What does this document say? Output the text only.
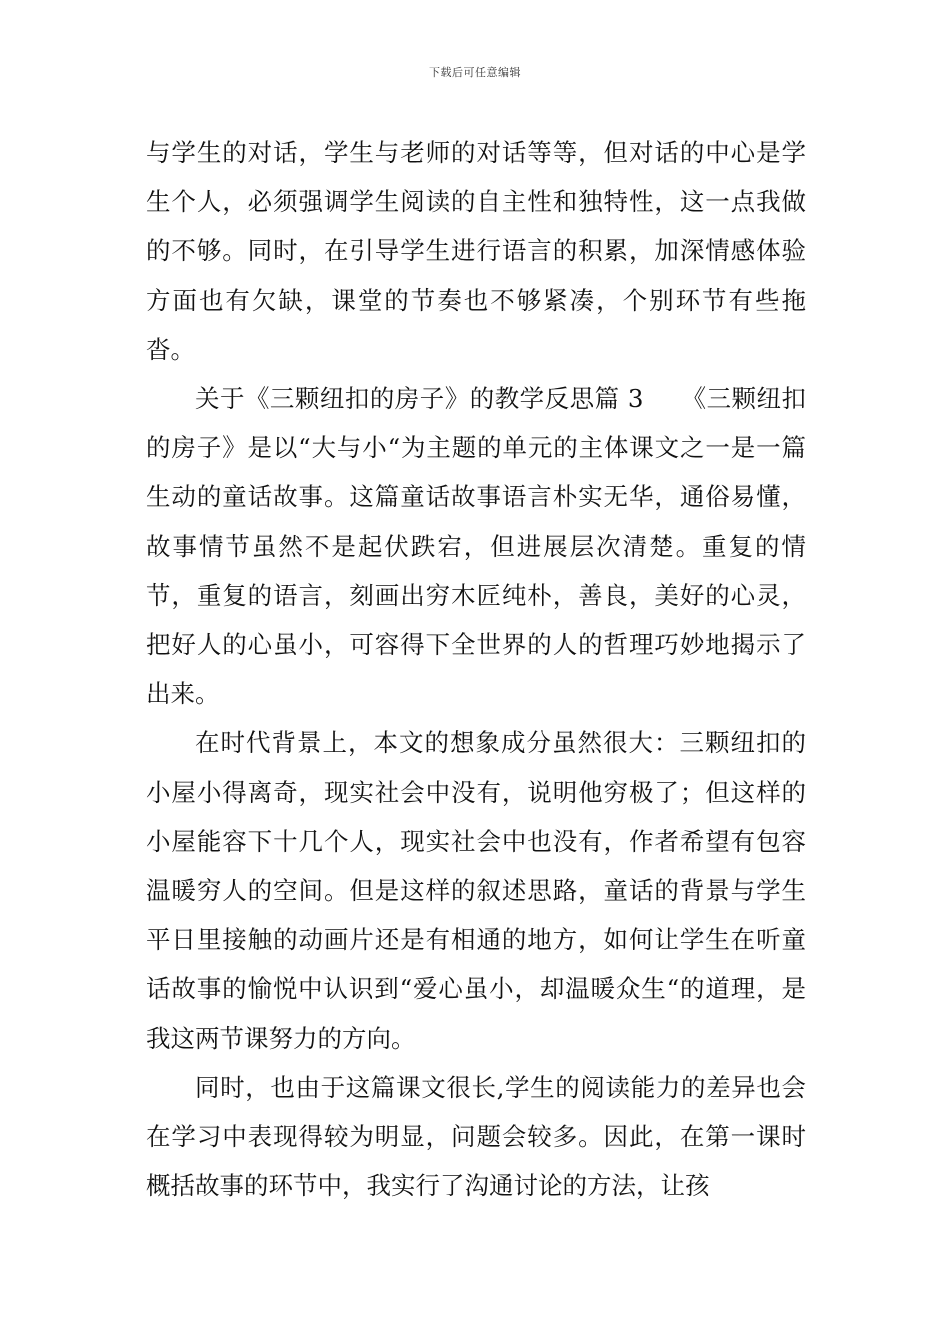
下载后可任意编辑

与学生的对话，学生与老师的对话等等，但对话的中心是学生个人，必须强调学生阅读的自主性和独特性，这一点我做的不够。同时，在引导学生进行语言的积累，加深情感体验方面也有欠缺，课堂的节奏也不够紧凑，个别环节有些拖沓。

关于《三颗纽扣的房子》的教学反思篇 3　　《三颗纽扣的房子》是以“大与小“为主题的单元的主体课文之一是一篇生动的童话故事。这篇童话故事语言朴实无华，通俗易懂，故事情节虽然不是起伏跌宕，但进展层次清楚。重复的情节，重复的语言，刻画出穷木匠纯朴，善良，美好的心灵，把好人的心虽小，可容得下全世界的人的哲理巧妙地揭示了出来。

在时代背景上，本文的想象成分虽然很大：三颗纽扣的小屋小得离奇，现实社会中没有，说明他穷极了；但这样的小屋能容下十几个人，现实社会中也没有，作者希望有包容温暖穷人的空间。但是这样的叙述思路，童话的背景与学生平日里接触的动画片还是有相通的地方，如何让学生在听童话故事的愉悦中认识到“爱心虽小，却温暖众生“的道理，是我这两节课努力的方向。

同时，也由于这篇课文很长,学生的阅读能力的差异也会在学习中表现得较为明显，问题会较多。因此，在第一课时概括故事的环节中，我实行了沟通讨论的方法，让孩
